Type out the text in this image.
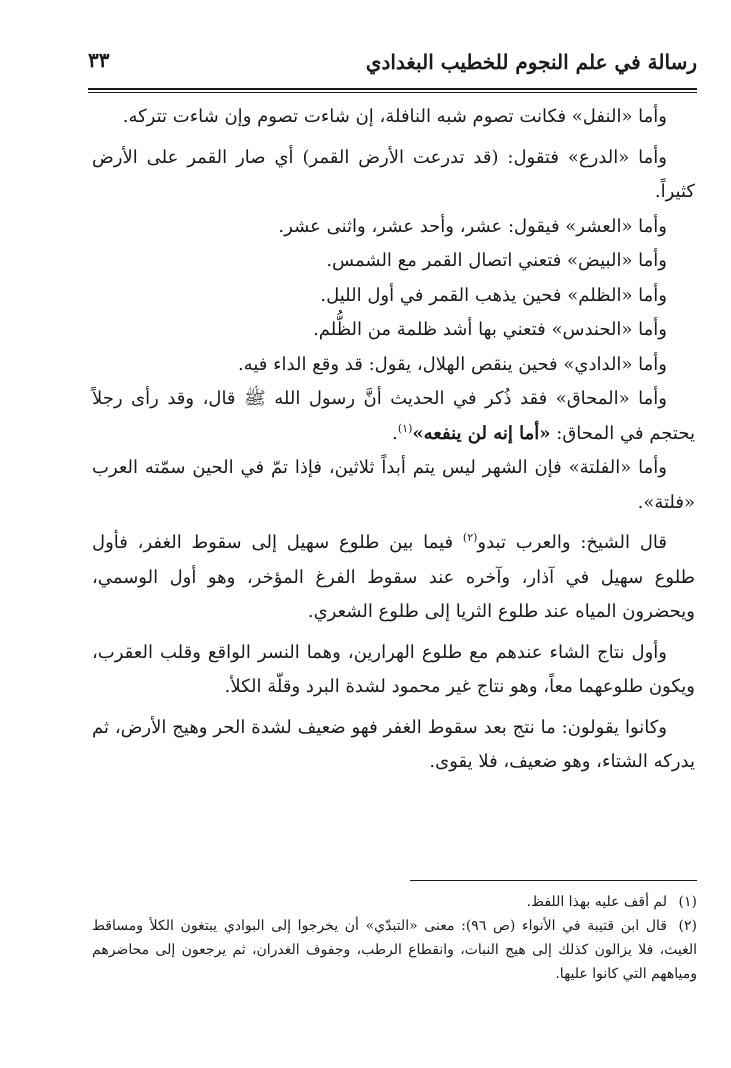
رسالة في علم النجوم للخطيب البغدادي
٣٣

وأما «النفل» فكانت تصوم شبه النافلة، إن شاءت تصوم وإن شاءت تتركه.

وأما «الدرع» فتقول: (قد تدرعت الأرض القمر) أي صار القمر على الأرض كثيراً.

وأما «العشر» فيقول: عشر، وأحد عشر، واثنى عشر.

وأما «البيض» فتعني اتصال القمر مع الشمس.

وأما «الظلم» فحين يذهب القمر في أول الليل.

وأما «الحندس» فتعني بها أشد ظلمة من الظُّلم.

وأما «الدادي» فحين ينقص الهلال، يقول: قد وقع الداء فيه.

وأما «المحاق» فقد ذُكر في الحديث أنَّ رسول الله ﷺ قال، وقد رأى رجلاً يحتجم في المحاق: «أما إنه لن ينفعه»$^{(١)}$.

وأما «الفلتة» فإن الشهر ليس يتم أبداً ثلاثين، فإذا تمّ في الحين سمّته العرب «فلتة».

قال الشيخ: والعرب تبدو$^{(٢)}$ فيما بين طلوع سهيل إلى سقوط الغفر، فأول طلوع سهيل في آذار، وآخره عند سقوط الفرغ المؤخر، وهو أول الوسمي، ويحضرون المياه عند طلوع الثريا إلى طلوع الشعري.

وأول نتاج الشاء عندهم مع طلوع الهرارين، وهما النسر الواقع وقلب العقرب، ويكون طلوعهما معاً، وهو نتاج غير محمود لشدة البرد وقلّة الكلأ.

وكانوا يقولون: ما نتج بعد سقوط الغفر فهو ضعيف لشدة الحر وهيج الأرض، ثم يدركه الشتاء، وهو ضعيف، فلا يقوى.

(١)لم أقف عليه بهذا اللفظ.

(٢)قال ابن قتيبة في الأنواء (ص ٩٦): معنى «التبدّي» أن يخرجوا إلى البوادي يبتغون الكلأ ومساقط الغيث، فلا يزالون كذلك إلى هيج النبات، وانقطاع الرطب، وجفوف الغدران، ثم يرجعون إلى محاضرهم ومياههم التي كانوا عليها.
